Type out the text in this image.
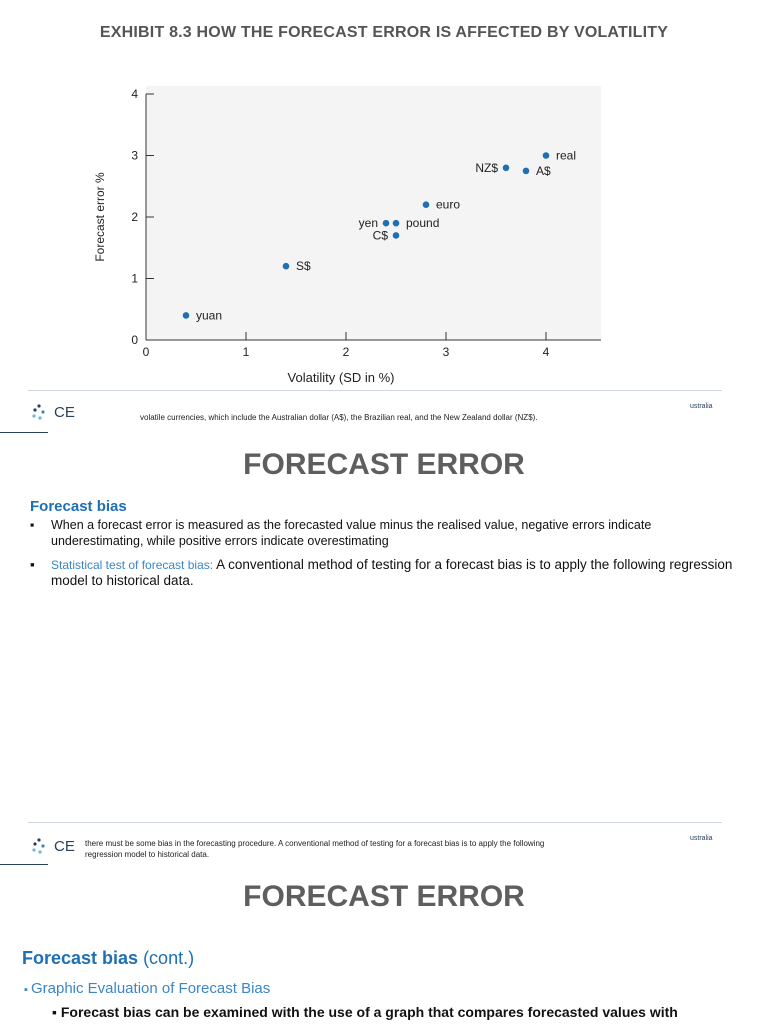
EXHIBIT 8.3 HOW THE FORECAST ERROR IS AFFECTED BY VOLATILITY
0
1
2
3
4
0	1	2	3	4
Volatility (SD in %)
Forecast error %
yuan
S$
yen pound
C$
euro
NZ$	A$
real
CE	volatile currencies, which include the Australian dollar (A$), the Brazilian real, and the New Zealand dollar (NZ$).
ustralia
FORECAST ERROR
Forecast bias
▪ When a forecast error is measured as the forecasted value minus the realised value, negative errors indicate underestimating, while positive errors indicate overestimating
▪ Statistical test of forecast bias: A conventional method of testing for a forecast bias is to apply the following regression model to historical data.
CE there must be some bias in the forecasting procedure. A conventional method of testing for a forecast bias is to apply the following
regression model to historical data.
ustralia
FORECAST ERROR
Forecast bias (cont.)
▪ Graphic Evaluation of Forecast Bias
▪ Forecast bias can be examined with the use of a graph that compares forecasted values with
